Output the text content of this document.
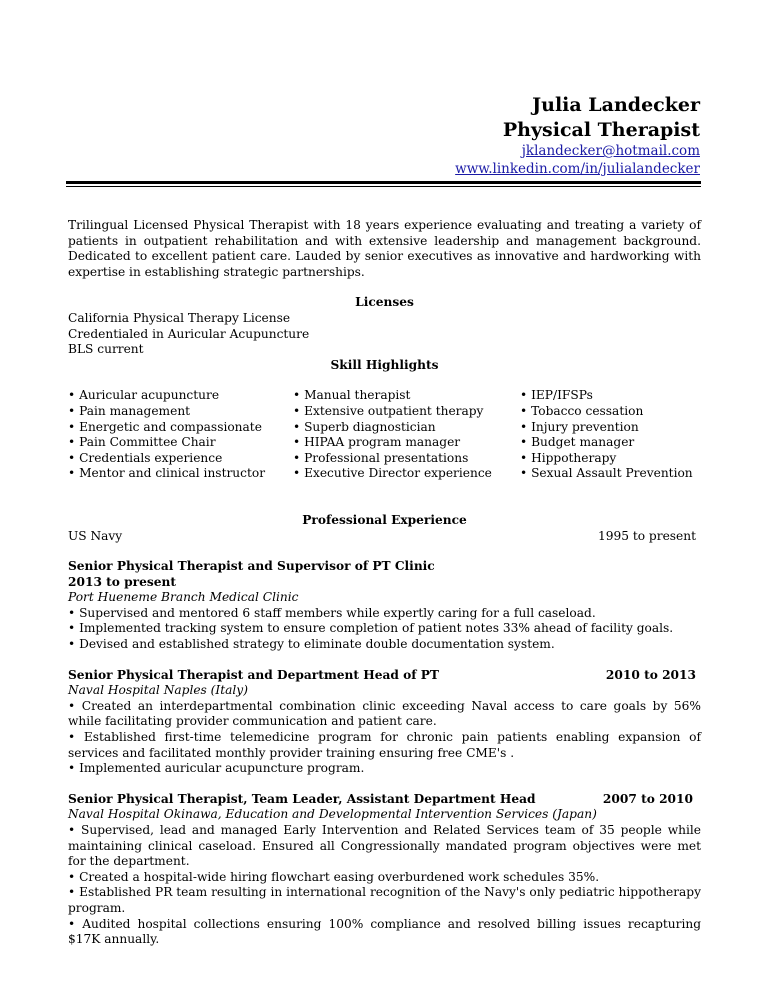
Julia Landecker
Physical Therapist
jklandecker@hotmail.com
www.linkedin.com/in/julialandecker

Trilingual Licensed Physical Therapist with 18 years experience evaluating and treating a variety of patients in outpatient rehabilitation and with extensive leadership and management background. Dedicated to excellent patient care. Lauded by senior executives as innovative and hardworking with expertise in establishing strategic partnerships.

Licenses

California Physical Therapy License

Credentialed in Auricular Acupuncture

BLS current

Skill Highlights

• Auricular acupuncture
• Pain management
• Energetic and compassionate
• Pain Committee Chair
• Credentials experience
• Mentor and clinical instructor
• Manual therapist
• Extensive outpatient therapy
• Superb diagnostician
• HIPAA program manager
• Professional presentations
• Executive Director experience
• IEP/IFSPs
• Tobacco cessation
• Injury prevention
• Budget manager
• Hippotherapy
• Sexual Assault Prevention

Professional Experience

US Navy	1995 to present

Senior Physical Therapist and Supervisor of PT Clinic

2013 to present

Port Hueneme Branch Medical Clinic

• Supervised and mentored 6 staff members while expertly caring for a full caseload.

• Implemented tracking system to ensure completion of patient notes 33% ahead of facility goals.

• Devised and established strategy to eliminate double documentation system.

Senior Physical Therapist and Department Head of PT	2010 to 2013

Naval Hospital Naples (Italy)

• Created an interdepartmental combination clinic exceeding Naval access to care goals by 56% while facilitating provider communication and patient care.

• Established first-time telemedicine program for chronic pain patients enabling expansion of services and facilitated monthly provider training ensuring free CME's .

• Implemented auricular acupuncture program.

Senior Physical Therapist, Team Leader, Assistant Department Head	2007 to 2010

Naval Hospital Okinawa, Education and Developmental Intervention Services (Japan)

• Supervised, lead and managed Early Intervention and Related Services team of 35 people while maintaining clinical caseload. Ensured all Congressionally mandated program objectives were met for the department.

• Created a hospital-wide hiring flowchart easing overburdened work schedules 35%.

• Established PR team resulting in international recognition of the Navy's only pediatric hippotherapy program.

• Audited hospital collections ensuring 100% compliance and resolved billing issues recapturing $17K annually.
